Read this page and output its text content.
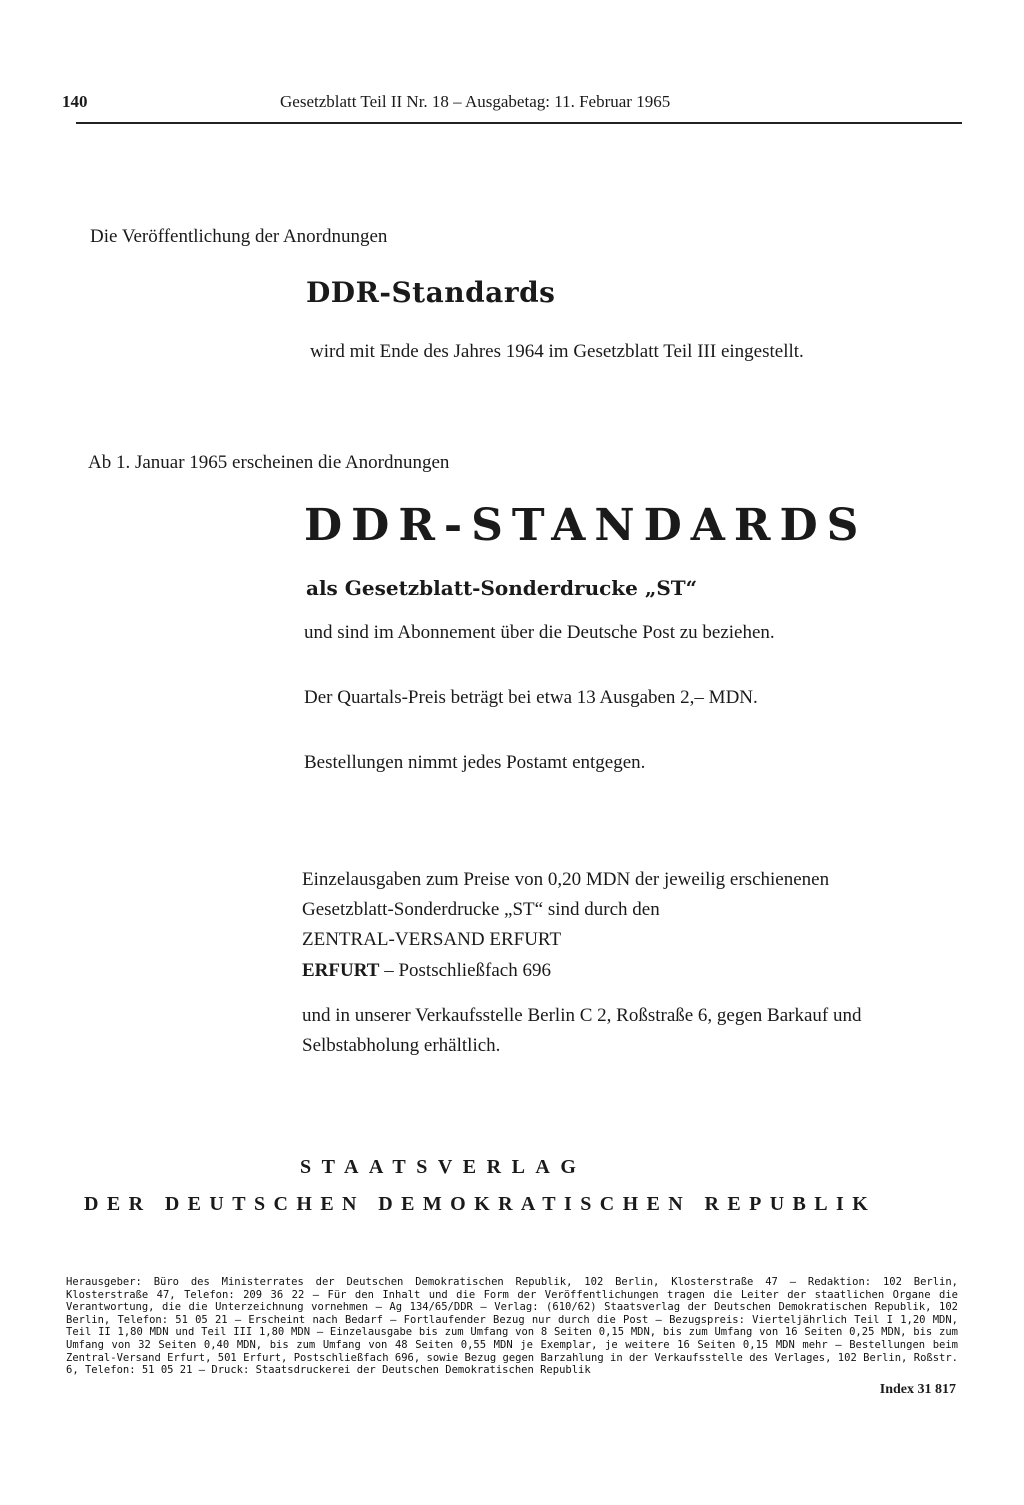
140	Gesetzblatt Teil II Nr. 18 – Ausgabetag: 11. Februar 1965
Die Veröffentlichung der Anordnungen
DDR-Standards
wird mit Ende des Jahres 1964 im Gesetzblatt Teil III eingestellt.
Ab 1. Januar 1965 erscheinen die Anordnungen
DDR-STANDARDS
als Gesetzblatt-Sonderdrucke „ST“
und sind im Abonnement über die Deutsche Post zu beziehen.
Der Quartals-Preis beträgt bei etwa 13 Ausgaben 2,– MDN.
Bestellungen nimmt jedes Postamt entgegen.
Einzelausgaben zum Preise von 0,20 MDN der jeweilig erschienenen
Gesetzblatt-Sonderdrucke „ST“ sind durch den
ZENTRAL-VERSAND ERFURT
ERFURT – Postschließfach 696
und in unserer Verkaufsstelle Berlin C 2, Roßstraße 6, gegen Barkauf und
Selbstabholung erhältlich.
STAATSVERLAG
DER DEUTSCHEN DEMOKRATISCHEN REPUBLIK
Herausgeber: Büro des Ministerrates der Deutschen Demokratischen Republik, 102 Berlin, Klosterstraße 47 – Redaktion: 102 Berlin, Klosterstraße 47, Telefon: 209 36 22 – Für den Inhalt und die Form der Veröffentlichungen tragen die Leiter der staatlichen Organe die Verantwortung, die die Unterzeichnung vornehmen – Ag 134/65/DDR – Verlag: (610/62) Staatsverlag der Deutschen Demokratischen Republik, 102 Berlin, Telefon: 51 05 21 – Erscheint nach Bedarf – Fortlaufender Bezug nur durch die Post – Bezugspreis: Vierteljährlich Teil I 1,20 MDN, Teil II 1,80 MDN und Teil III 1,80 MDN – Einzelausgabe bis zum Umfang von 8 Seiten 0,15 MDN, bis zum Umfang von 16 Seiten 0,25 MDN, bis zum Umfang von 32 Seiten 0,40 MDN, bis zum Umfang von 48 Seiten 0,55 MDN je Exemplar, je weitere 16 Seiten 0,15 MDN mehr – Bestellungen beim Zentral-Versand Erfurt, 501 Erfurt, Postschließfach 696, sowie Bezug gegen Barzahlung in der Verkaufsstelle des Verlages, 102 Berlin, Roßstr. 6, Telefon: 51 05 21 – Druck: Staatsdruckerei der Deutschen Demokratischen Republik
Index 31 817
